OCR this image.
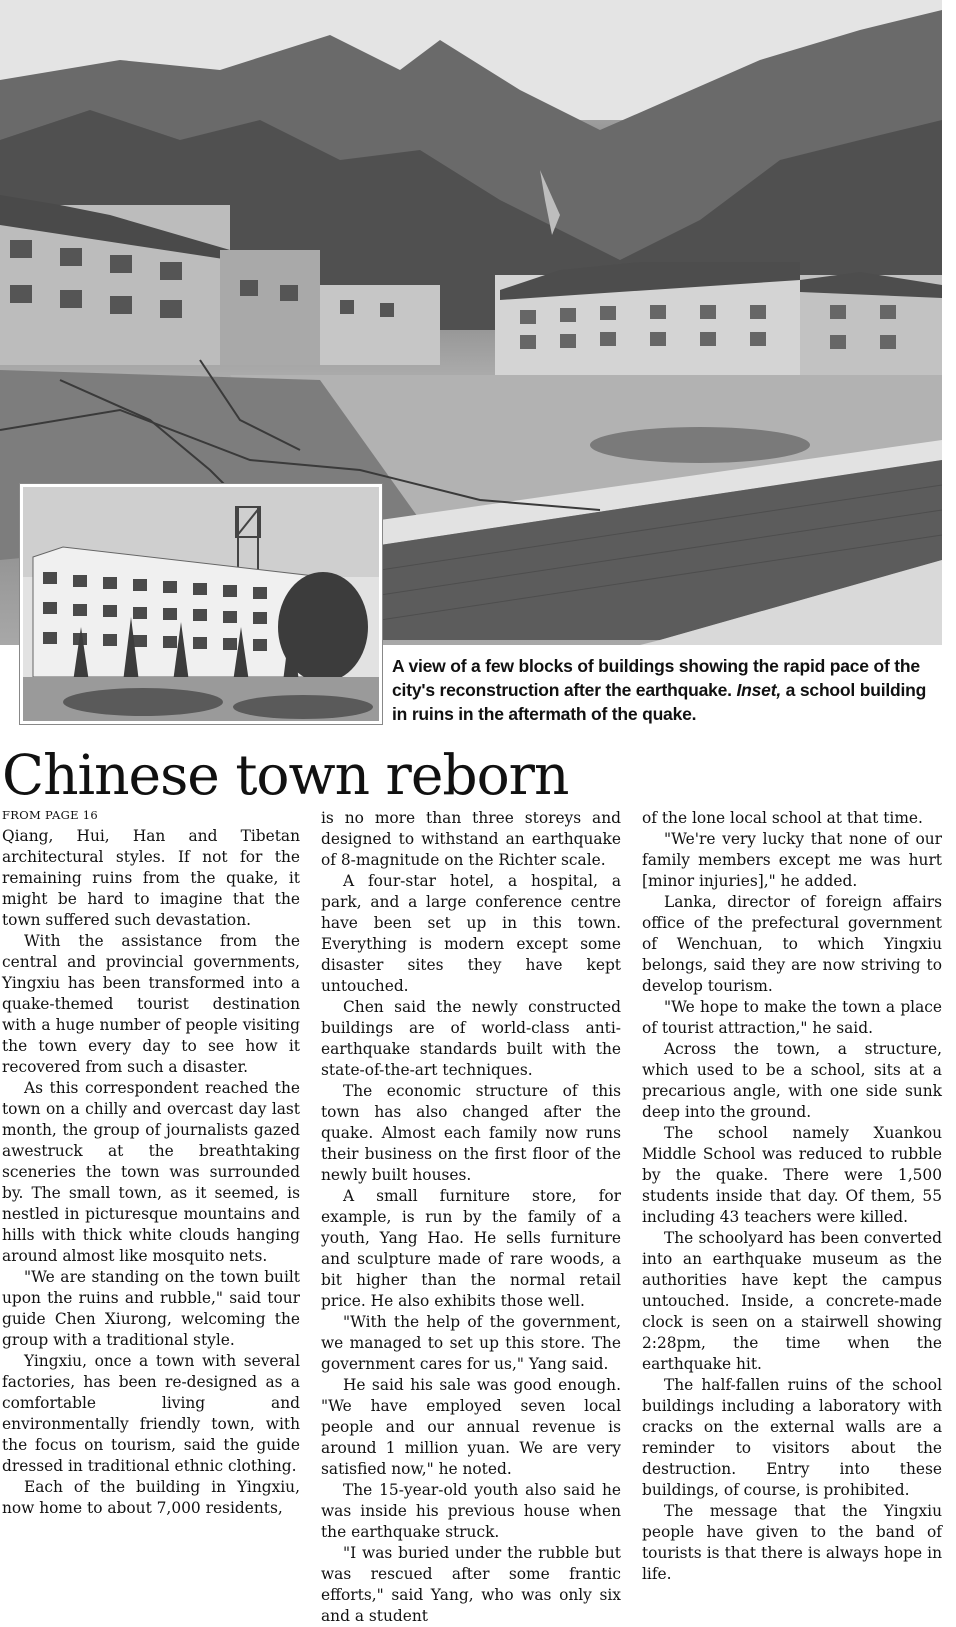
A view of a few blocks of buildings showing the rapid pace of the city's reconstruction after the earthquake. Inset, a school building in ruins in the aftermath of the quake.
Chinese town reborn
FROM PAGE 16

Qiang, Hui, Han and Tibetan architectural styles. If not for the remaining ruins from the quake, it might be hard to imagine that the town suffered such devastation.

With the assistance from the central and provincial governments, Yingxiu has been transformed into a quake-themed tourist destination with a huge number of people visiting the town every day to see how it recovered from such a disaster.

As this correspondent reached the town on a chilly and overcast day last month, the group of journalists gazed awestruck at the breathtaking sceneries the town was surrounded by. The small town, as it seemed, is nestled in picturesque mountains and hills with thick white clouds hanging around almost like mosquito nets.

"We are standing on the town built upon the ruins and rubble," said tour guide Chen Xiurong, welcoming the group with a traditional style.

Yingxiu, once a town with several factories, has been re-designed as a comfortable living and environmentally friendly town, with the focus on tourism, said the guide dressed in traditional ethnic clothing.

Each of the building in Yingxiu, now home to about 7,000 residents,

is no more than three storeys and designed to withstand an earthquake of 8-magnitude on the Richter scale.

A four-star hotel, a hospital, a park, and a large conference centre have been set up in this town. Everything is modern except some disaster sites they have kept untouched.

Chen said the newly constructed buildings are of world-class anti-earthquake standards built with the state-of-the-art techniques.

The economic structure of this town has also changed after the quake. Almost each family now runs their business on the first floor of the newly built houses.

A small furniture store, for example, is run by the family of a youth, Yang Hao. He sells furniture and sculpture made of rare woods, a bit higher than the normal retail price. He also exhibits those well.

"With the help of the government, we managed to set up this store. The government cares for us," Yang said.

He said his sale was good enough. "We have employed seven local people and our annual revenue is around 1 million yuan. We are very satisfied now," he noted.

The 15-year-old youth also said he was inside his previous house when the earthquake struck.

"I was buried under the rubble but was rescued after some frantic efforts," said Yang, who was only six and a student

of the lone local school at that time.

"We're very lucky that none of our family members except me was hurt [minor injuries]," he added.

Lanka, director of foreign affairs office of the prefectural government of Wenchuan, to which Yingxiu belongs, said they are now striving to develop tourism.

"We hope to make the town a place of tourist attraction," he said.

Across the town, a structure, which used to be a school, sits at a precarious angle, with one side sunk deep into the ground.

The school namely Xuankou Middle School was reduced to rubble by the quake. There were 1,500 students inside that day. Of them, 55 including 43 teachers were killed.

The schoolyard has been converted into an earthquake museum as the authorities have kept the campus untouched. Inside, a concrete-made clock is seen on a stairwell showing 2:28pm, the time when the earthquake hit.

The half-fallen ruins of the school buildings including a laboratory with cracks on the external walls are a reminder to visitors about the destruction. Entry into these buildings, of course, is prohibited.

The message that the Yingxiu people have given to the band of tourists is that there is always hope in life.
